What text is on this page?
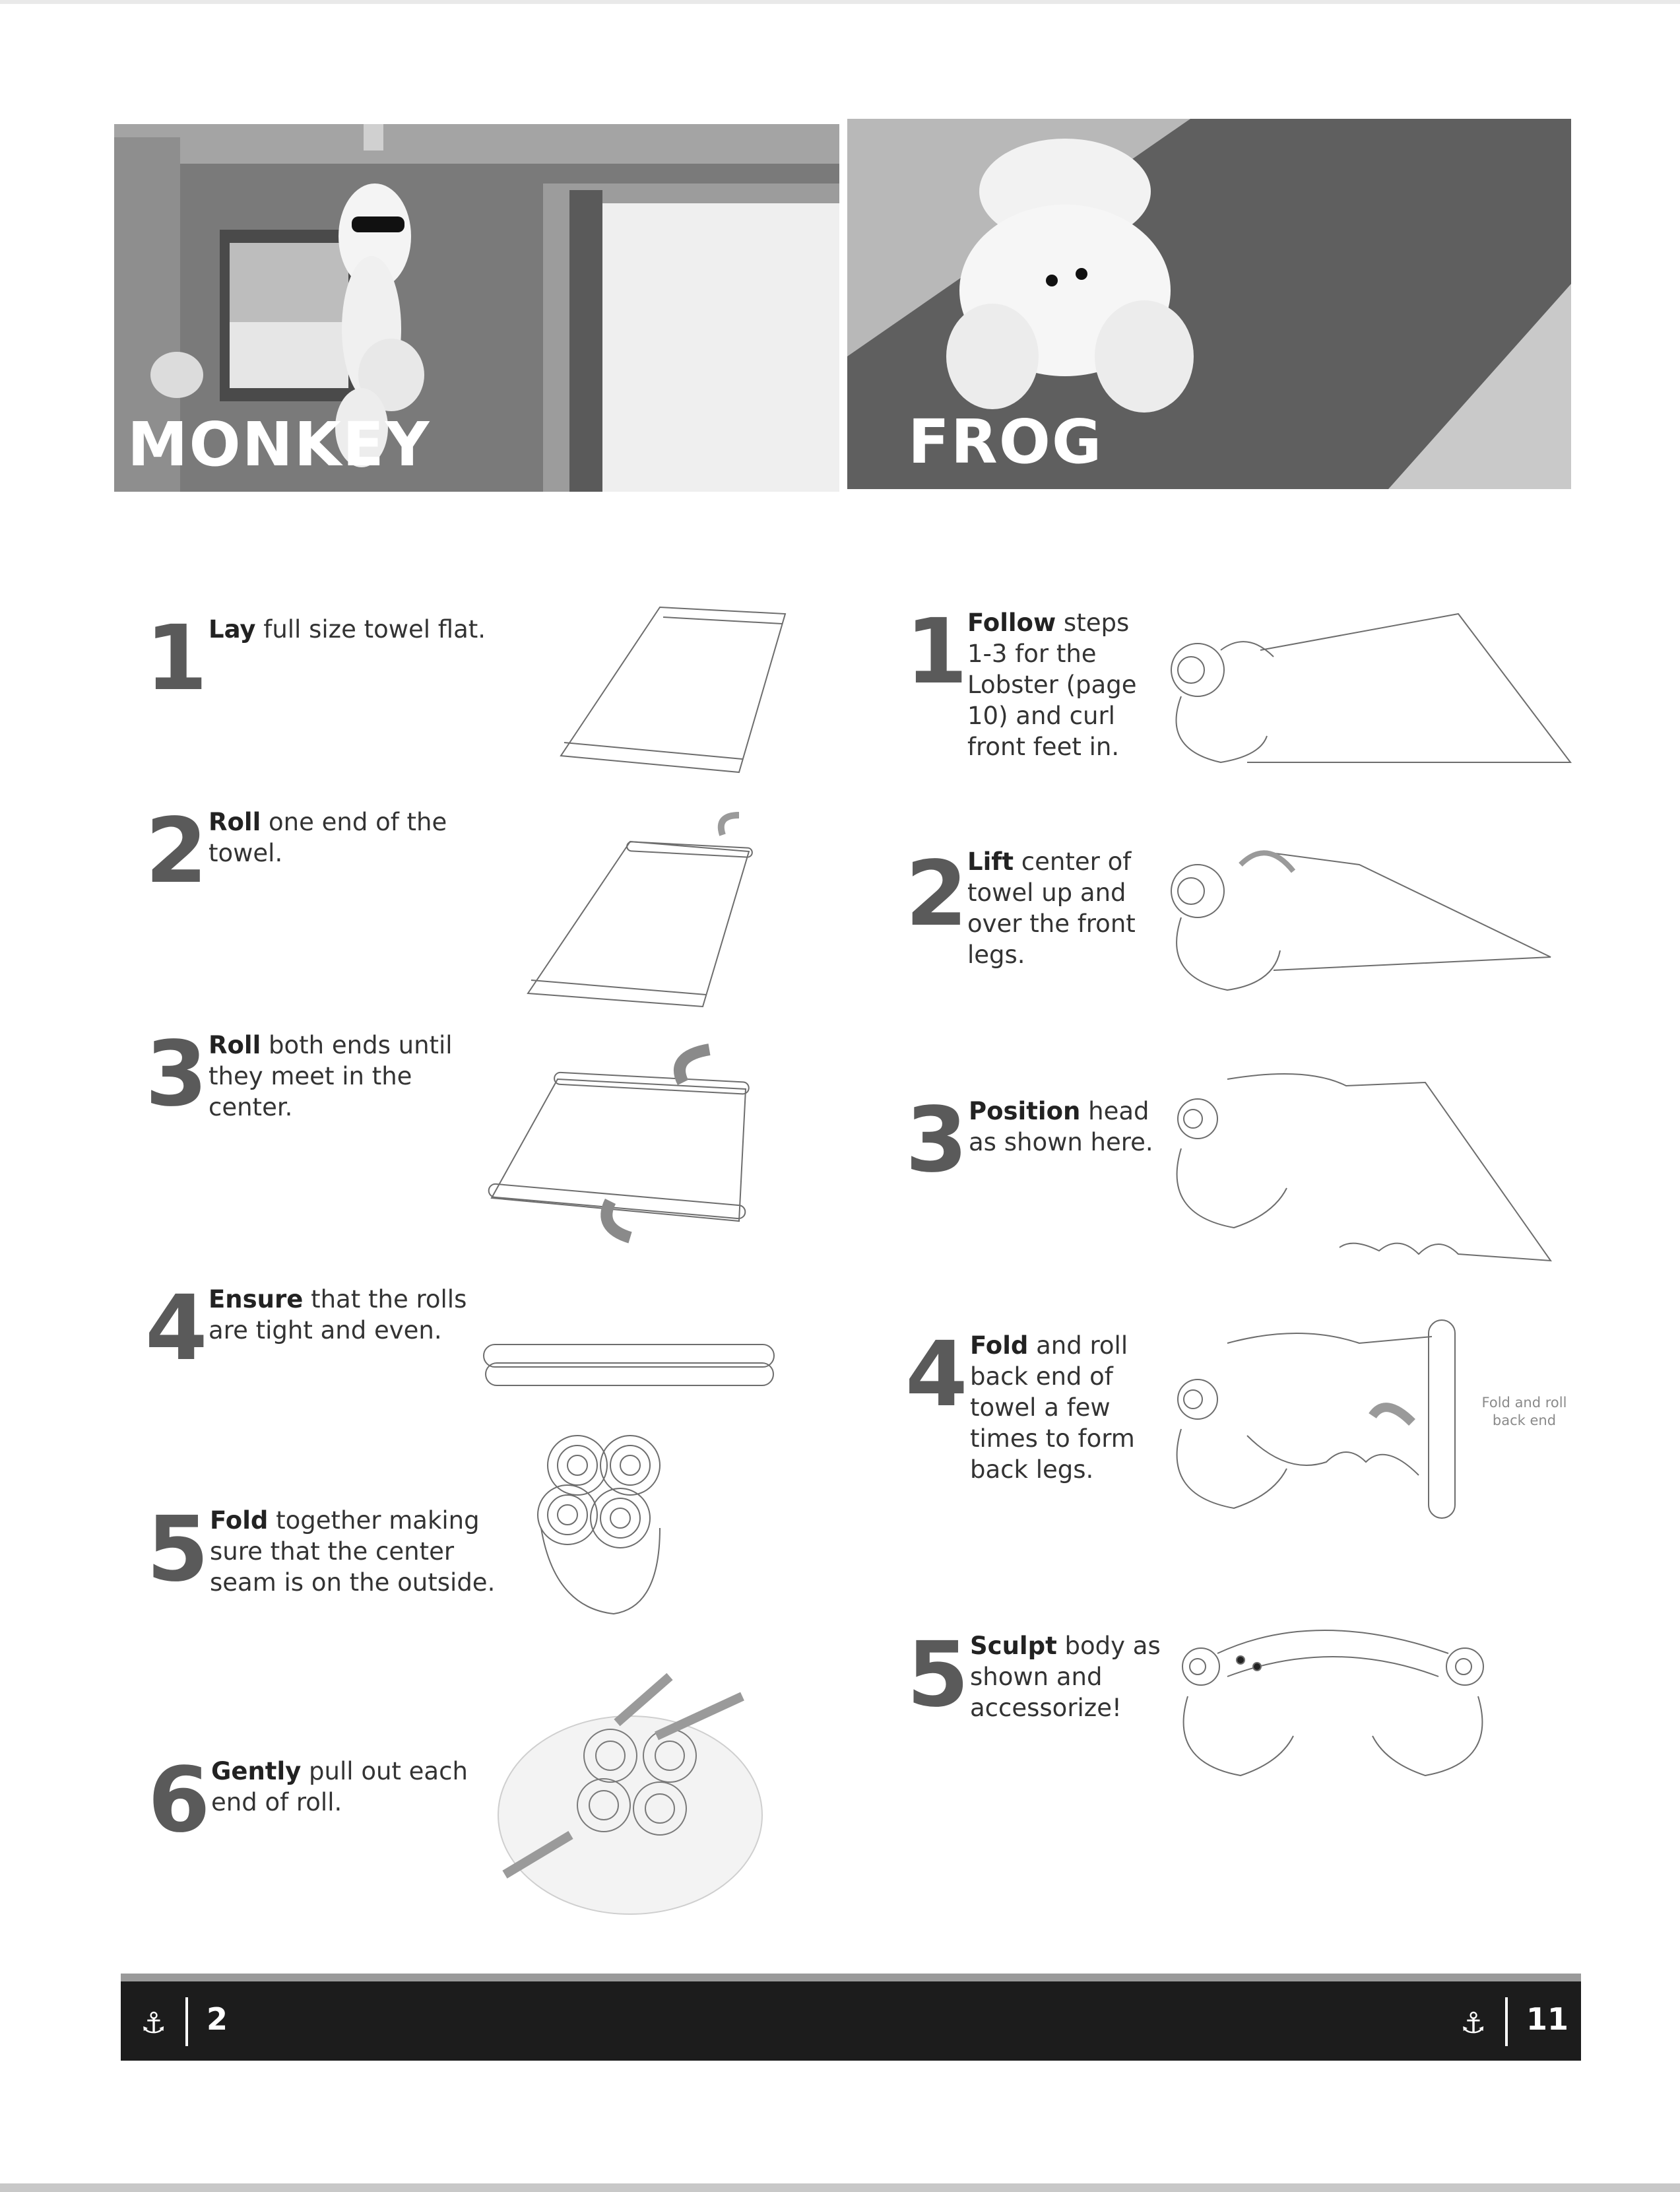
MONKEY	FROG
1 Lay full size towel flat.
2 Roll one end of the towel.
3 Roll both ends until they meet in the center.
4 Ensure that the rolls are tight and even.
5 Fold together making sure that the center seam is on the outside.
6 Gently pull out each end of roll.
1 Follow steps 1-3 for the Lobster (page 10) and curl front feet in.
2 Lift center of towel up and over the front legs.
3 Position head as shown here.
4 Fold and roll back end of towel a few times to form back legs.
5 Sculpt body as shown and accessorize!
Fold and roll back end
⚓ 2	⚓ 11
